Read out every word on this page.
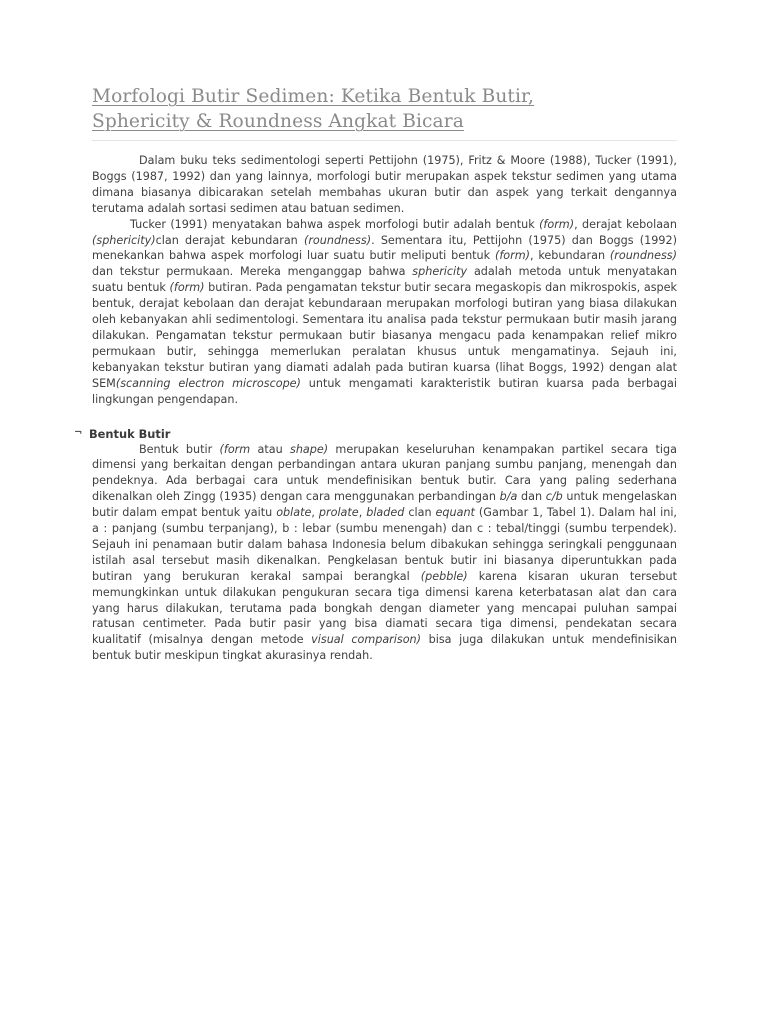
Morfologi Butir Sedimen: Ketika Bentuk Butir,
Sphericity & Roundness Angkat Bicara

Dalam buku teks sedimentologi seperti Pettijohn (1975), Fritz & Moore (1988), Tucker (1991), Boggs (1987, 1992) dan yang lainnya, morfologi butir merupakan aspek tekstur sedimen yang utama dimana biasanya dibicarakan setelah membahas ukuran butir dan aspek yang terkait dengannya terutama adalah sortasi sedimen atau batuan sedimen.

Tucker (1991) menyatakan bahwa aspek morfologi butir adalah bentuk (form), derajat kebolaan (sphericity)clan derajat kebundaran (roundness). Sementara itu, Pettijohn (1975) dan Boggs (1992) menekankan bahwa aspek morfologi luar suatu butir meliputi bentuk (form), kebundaran (roundness) dan tekstur permukaan. Mereka menganggap bahwa sphericity adalah metoda untuk menyatakan suatu bentuk (form) butiran. Pada pengamatan tekstur butir secara megaskopis dan mikrospokis, aspek bentuk, derajat kebolaan dan derajat kebundaraan merupakan morfologi butiran yang biasa dilakukan oleh kebanyakan ahli sedimentologi. Sementara itu analisa pada tekstur permukaan butir masih jarang dilakukan. Pengamatan tekstur permukaan butir biasanya mengacu pada kenampakan relief mikro permukaan butir, sehingga memerlukan peralatan khusus untuk mengamatinya. Sejauh ini, kebanyakan tekstur butiran yang diamati adalah pada butiran kuarsa (lihat Boggs, 1992) dengan alat SEM(scanning electron microscope) untuk mengamati karakteristik butiran kuarsa pada berbagai lingkungan pengendapan.

¬ Bentuk Butir

Bentuk butir (form atau shape) merupakan keseluruhan kenampakan partikel secara tiga dimensi yang berkaitan dengan perbandingan antara ukuran panjang sumbu panjang, menengah dan pendeknya. Ada berbagai cara untuk mendefinisikan bentuk butir. Cara yang paling sederhana dikenalkan oleh Zingg (1935) dengan cara menggunakan perbandingan b/a dan c/b untuk mengelaskan butir dalam empat bentuk yaitu oblate, prolate, bladed clan equant (Gambar 1, Tabel 1). Dalam hal ini, a : panjang (sumbu terpanjang), b : lebar (sumbu menengah) dan c : tebal/tinggi (sumbu terpendek). Sejauh ini penamaan butir dalam bahasa Indonesia belum dibakukan sehingga seringkali penggunaan istilah asal tersebut masih dikenalkan. Pengkelasan bentuk butir ini biasanya diperuntukkan pada butiran yang berukuran kerakal sampai berangkal (pebble) karena kisaran ukuran tersebut memungkinkan untuk dilakukan pengukuran secara tiga dimensi karena keterbatasan alat dan cara yang harus dilakukan, terutama pada bongkah dengan diameter yang mencapai puluhan sampai ratusan centimeter. Pada butir pasir yang bisa diamati secara tiga dimensi, pendekatan secara kualitatif (misalnya dengan metode visual comparison) bisa juga dilakukan untuk mendefinisikan bentuk butir meskipun tingkat akurasinya rendah.
